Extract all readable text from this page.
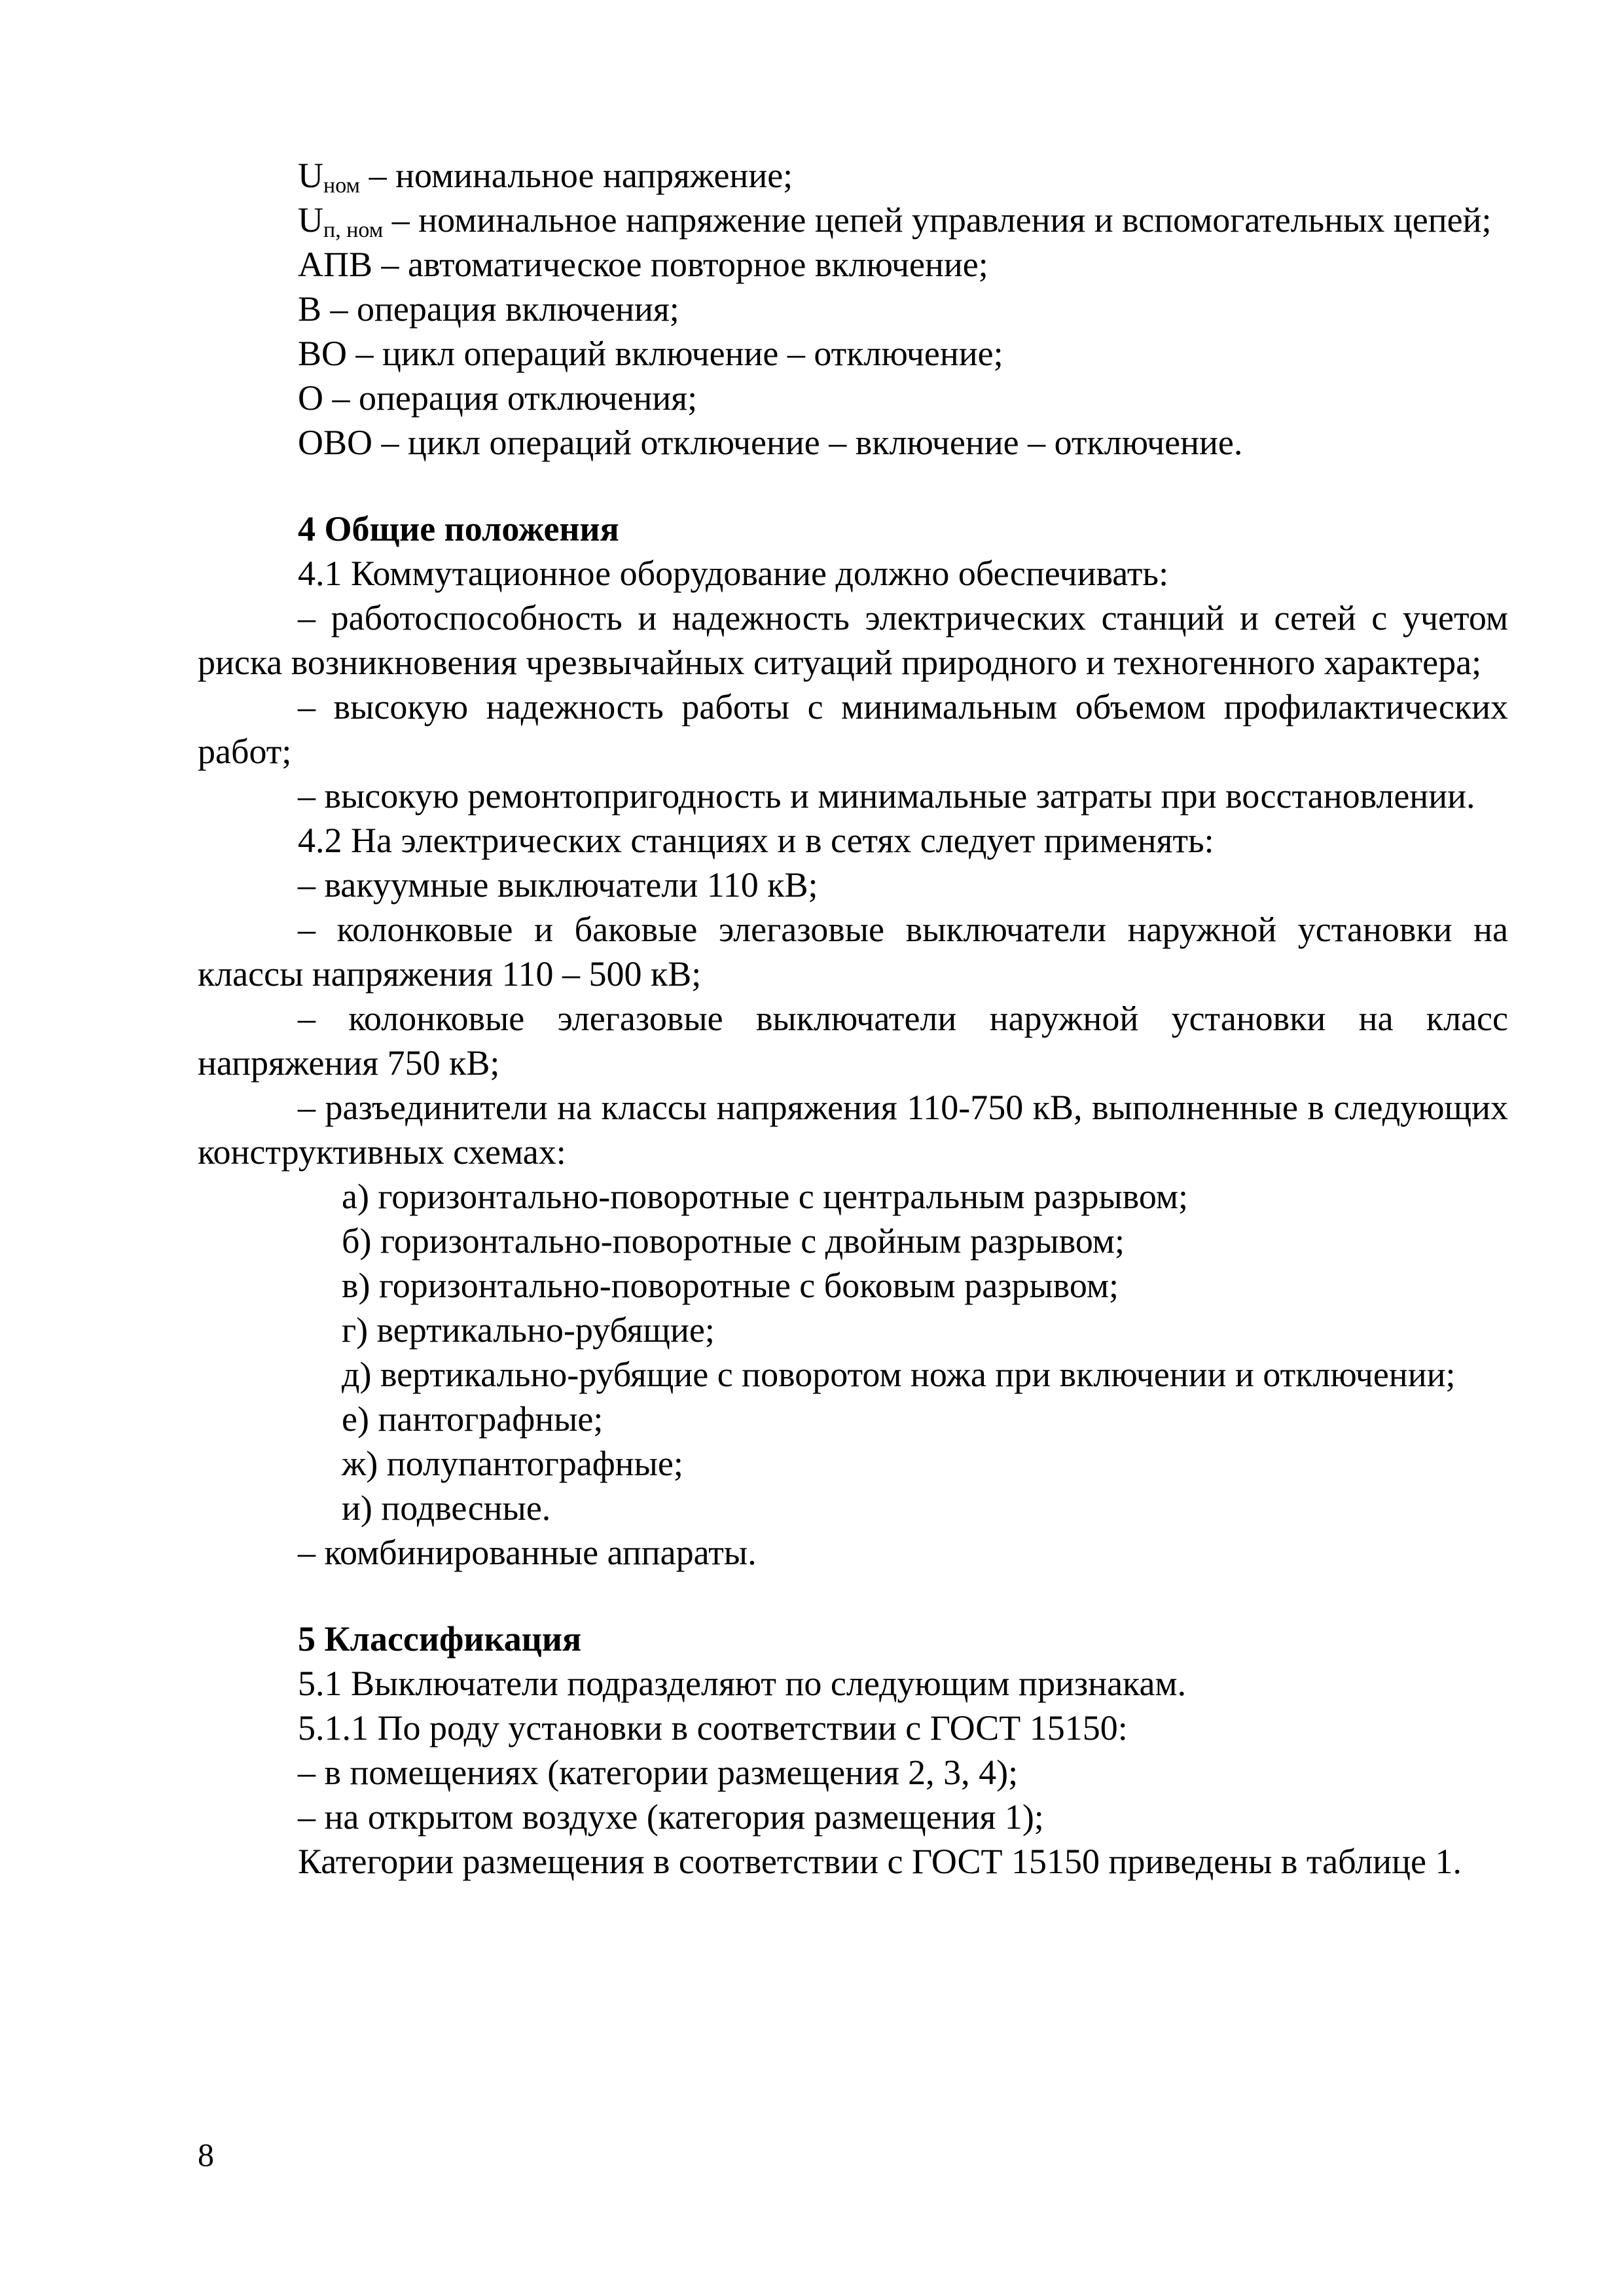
$U_{ном}$ – номинальное напряжение;

$U_{п, ном}$ – номинальное напряжение цепей управления и вспомогательных цепей;

АПВ – автоматическое повторное включение;

В – операция включения;

ВО – цикл операций включение – отключение;

О – операция отключения;

ОВО – цикл операций отключение – включение – отключение.

4 Общие положения

4.1 Коммутационное оборудование должно обеспечивать:

– работоспособность и надежность электрических станций и сетей с учетом риска возникновения чрезвычайных ситуаций природного и техногенного характера;

– высокую надежность работы с минимальным объемом профилактических работ;

– высокую ремонтопригодность и минимальные затраты при восстановлении.

4.2 На электрических станциях и в сетях следует применять:

– вакуумные выключатели 110 кВ;

– колонковые и баковые элегазовые выключатели наружной установки на классы напряжения 110 – 500 кВ;

– колонковые элегазовые выключатели наружной установки на класс напряжения 750 кВ;

– разъединители на классы напряжения 110-750 кВ, выполненные в следующих конструктивных схемах:

а) горизонтально-поворотные с центральным разрывом;

б) горизонтально-поворотные с двойным разрывом;

в) горизонтально-поворотные с боковым разрывом;

г) вертикально-рубящие;

д) вертикально-рубящие с поворотом ножа при включении и отключении;

е) пантографные;

ж) полупантографные;

и) подвесные.

– комбинированные аппараты.

5 Классификация

5.1 Выключатели подразделяют по следующим признакам.

5.1.1 По роду установки в соответствии с ГОСТ 15150:

– в помещениях (категории размещения 2, 3, 4);

– на открытом воздухе (категория размещения 1);

Категории размещения в соответствии с ГОСТ 15150 приведены в таблице 1.

8
